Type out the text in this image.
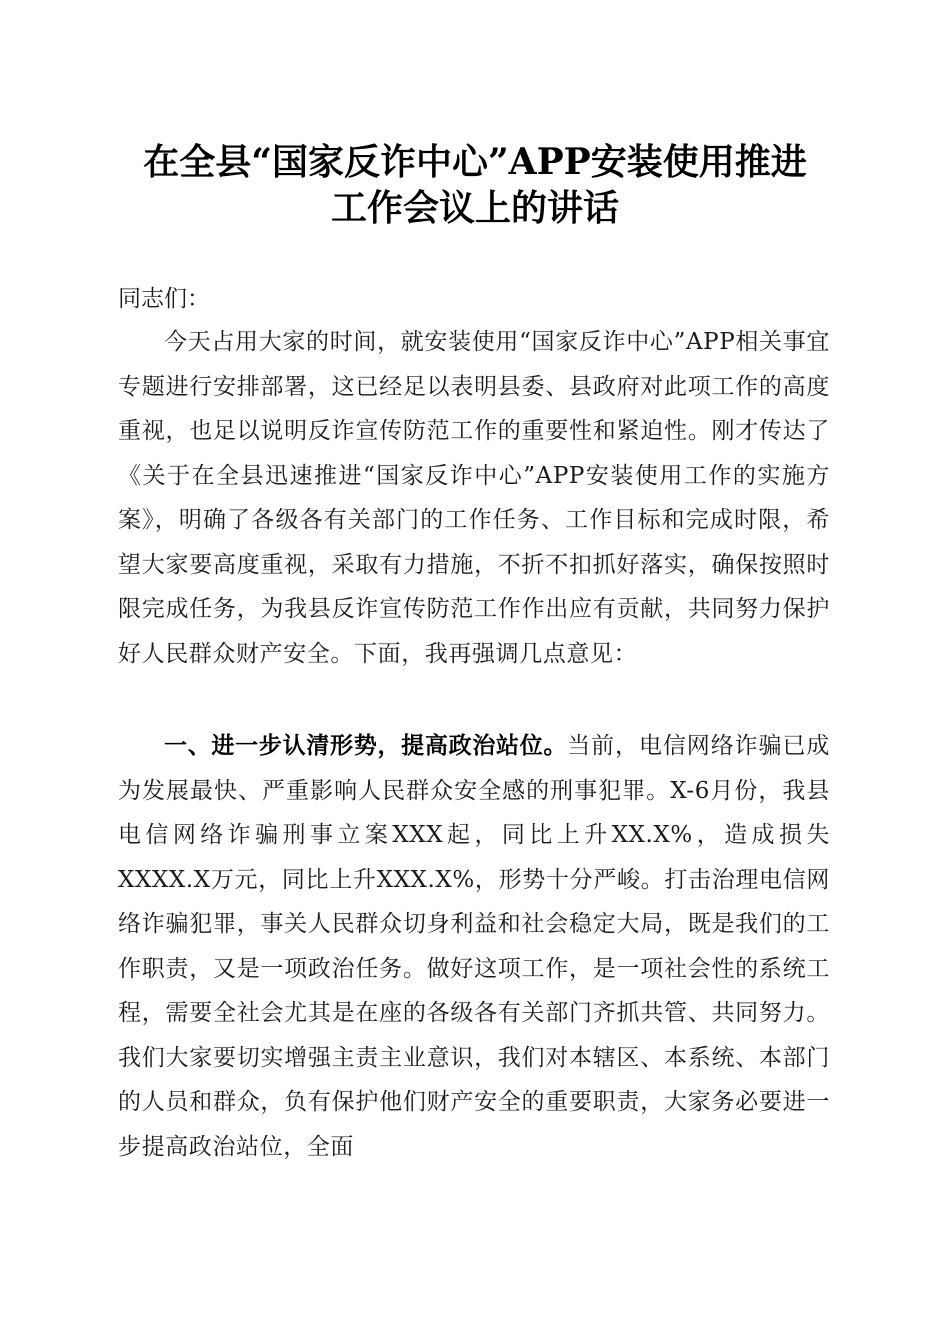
在全县“国家反诈中心”APP安装使用推进
工作会议上的讲话
同志们：

今天占用大家的时间，就安装使用“国家反诈中心”APP相关事宜专题进行安排部署，这已经足以表明县委、县政府对此项工作的高度重视，也足以说明反诈宣传防范工作的重要性和紧迫性。刚才传达了《关于在全县迅速推进“国家反诈中心”APP安装使用工作的实施方案》，明确了各级各有关部门的工作任务、工作目标和完成时限，希望大家要高度重视，采取有力措施，不折不扣抓好落实，确保按照时限完成任务，为我县反诈宣传防范工作作出应有贡献，共同努力保护好人民群众财产安全。下面，我再强调几点意见：

一、进一步认清形势，提高政治站位。当前，电信网络诈骗已成为发展最快、严重影响人民群众安全感的刑事犯罪。X-6月份，我县电信网络诈骗刑事立案XXX起，同比上升XX.X%，造成损失XXXX.X万元，同比上升XXX.X%，形势十分严峻。打击治理电信网络诈骗犯罪，事关人民群众切身利益和社会稳定大局，既是我们的工作职责，又是一项政治任务。做好这项工作，是一项社会性的系统工程，需要全社会尤其是在座的各级各有关部门齐抓共管、共同努力。我们大家要切实增强主责主业意识，我们对本辖区、本系统、本部门的人员和群众，负有保护他们财产安全的重要职责，大家务必要进一步提高政治站位，全面
